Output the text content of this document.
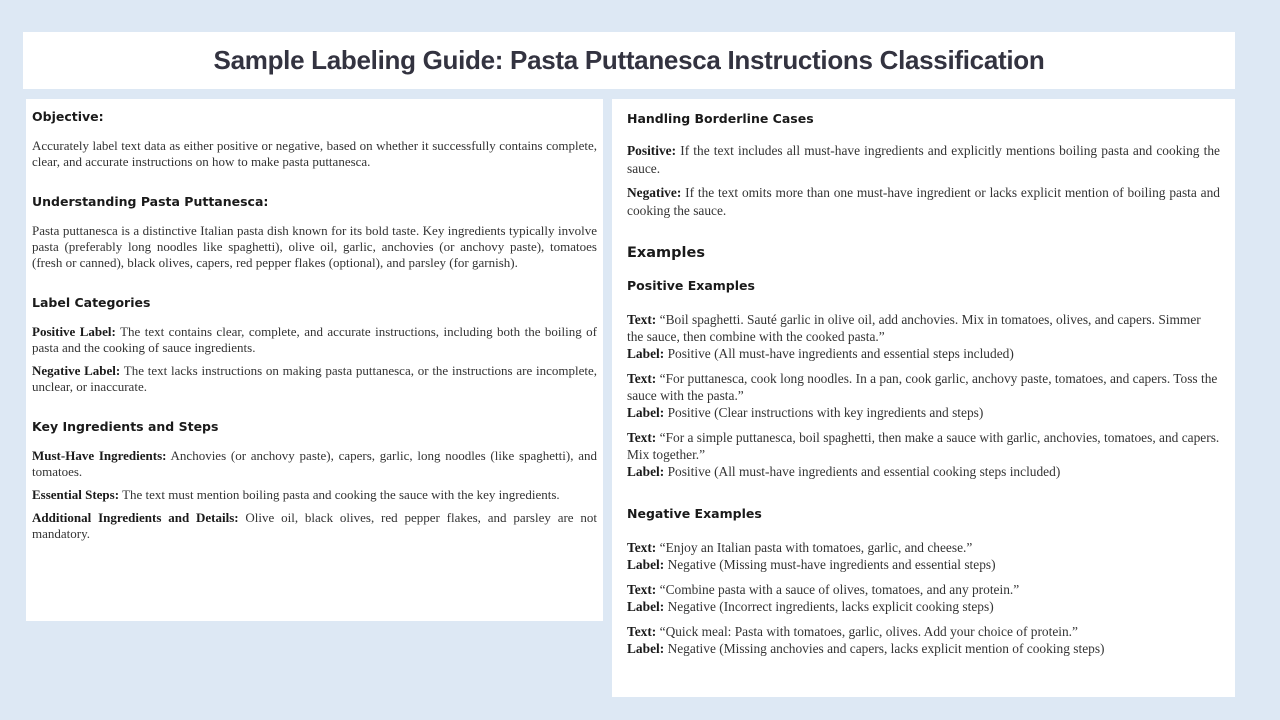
Sample Labeling Guide: Pasta Puttanesca Instructions Classification
Objective:

Accurately label text data as either positive or negative, based on whether it successfully contains complete, clear, and accurate instructions on how to make pasta puttanesca.

Understanding Pasta Puttanesca:

Pasta puttanesca is a distinctive Italian pasta dish known for its bold taste. Key ingredients typically involve pasta (preferably long noodles like spaghetti), olive oil, garlic, anchovies (or anchovy paste), tomatoes (fresh or canned), black olives, capers, red pepper flakes (optional), and parsley (for garnish).

Label Categories

Positive Label: The text contains clear, complete, and accurate instructions, including both the boiling of pasta and the cooking of sauce ingredients.

Negative Label: The text lacks instructions on making pasta puttanesca, or the instructions are incomplete, unclear, or inaccurate.

Key Ingredients and Steps

Must-Have Ingredients: Anchovies (or anchovy paste), capers, garlic, long noodles (like spaghetti), and tomatoes.

Essential Steps: The text must mention boiling pasta and cooking the sauce with the key ingredients.

Additional Ingredients and Details: Olive oil, black olives, red pepper flakes, and parsley are not mandatory.

Handling Borderline Cases

Positive: If the text includes all must-have ingredients and explicitly mentions boiling pasta and cooking the sauce.

Negative: If the text omits more than one must-have ingredient or lacks explicit mention of boiling pasta and cooking the sauce.

Examples
Positive Examples

Text: “Boil spaghetti. Sauté garlic in olive oil, add anchovies. Mix in tomatoes, olives, and capers. Simmer the sauce, then combine with the cooked pasta.”

Label: Positive (All must-have ingredients and essential steps included)

Text: “For puttanesca, cook long noodles. In a pan, cook garlic, anchovy paste, tomatoes, and capers. Toss the sauce with the pasta.”

Label: Positive (Clear instructions with key ingredients and steps)

Text: “For a simple puttanesca, boil spaghetti, then make a sauce with garlic, anchovies, tomatoes, and capers. Mix together.”

Label: Positive (All must-have ingredients and essential cooking steps included)

Negative Examples

Text: “Enjoy an Italian pasta with tomatoes, garlic, and cheese.”

Label: Negative (Missing must-have ingredients and essential steps)

Text: “Combine pasta with a sauce of olives, tomatoes, and any protein.”

Label: Negative (Incorrect ingredients, lacks explicit cooking steps)

Text: “Quick meal: Pasta with tomatoes, garlic, olives. Add your choice of protein.”

Label: Negative (Missing anchovies and capers, lacks explicit mention of cooking steps)
